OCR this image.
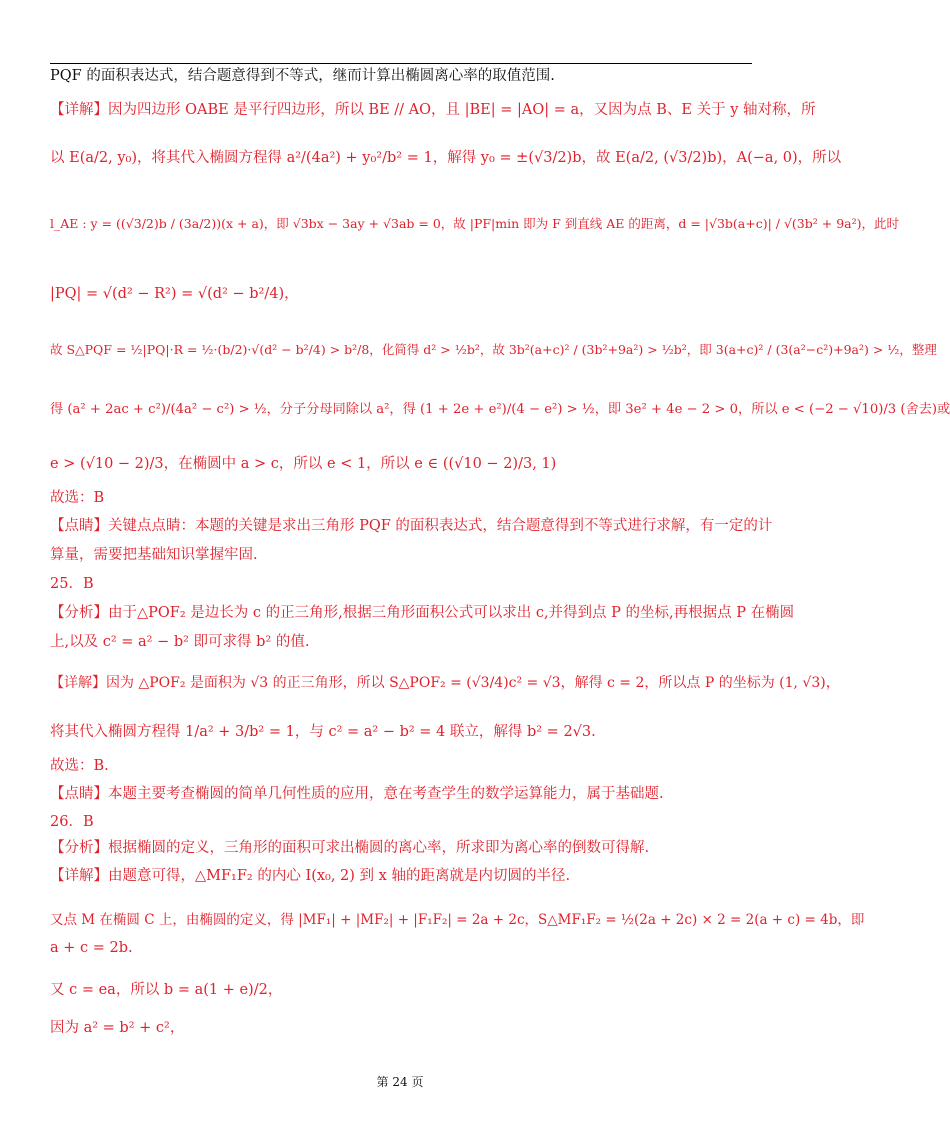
PQF 的面积表达式，结合题意得到不等式，继而计算出椭圆离心率的取值范围.
【详解】因为四边形 OABE 是平行四边形，所以 BE // AO，且 |BE| = |AO| = a，又因为点 B、E 关于 y 轴对称，所
以 E(a/2, y₀)，将其代入椭圆方程得 a²/(4a²) + y₀²/b² = 1，解得 y₀ = ±(√3/2)b，故 E(a/2, (√3/2)b)，A(−a, 0)，所以
l_AE : y = ((√3/2)b / (3a/2))(x + a)，即 √3bx − 3ay + √3ab = 0，故 |PF|min 即为 F 到直线 AE 的距离，d = |√3b(a+c)| / √(3b² + 9a²)，此时
|PQ| = √(d² − R²) = √(d² − b²/4)，
故 S△PQF = ½|PQ|·R = ½·(b/2)·√(d² − b²/4) > b²/8，化简得 d² > ½b²，故 3b²(a+c)² / (3b²+9a²) > ½b²，即 3(a+c)² / (3(a²−c²)+9a²) > ½，整理
得 (a² + 2ac + c²)/(4a² − c²) > ½，分子分母同除以 a²，得 (1 + 2e + e²)/(4 − e²) > ½，即 3e² + 4e − 2 > 0，所以 e < (−2 − √10)/3 (舍去)或
e > (√10 − 2)/3，在椭圆中 a > c，所以 e < 1，所以 e ∈ ((√10 − 2)/3, 1)
故选：B
【点睛】关键点点睛：本题的关键是求出三角形 PQF 的面积表达式，结合题意得到不等式进行求解，有一定的计
算量，需要把基础知识掌握牢固.
25．B
【分析】由于△POF₂ 是边长为 c 的正三角形,根据三角形面积公式可以求出 c,并得到点 P 的坐标,再根据点 P 在椭圆
上,以及 c² = a² − b² 即可求得 b² 的值.
【详解】因为 △POF₂ 是面积为 √3 的正三角形，所以 S△POF₂ = (√3/4)c² = √3，解得 c = 2，所以点 P 的坐标为 (1, √3)，
将其代入椭圆方程得 1/a² + 3/b² = 1，与 c² = a² − b² = 4 联立，解得 b² = 2√3.
故选：B.
【点睛】本题主要考查椭圆的简单几何性质的应用，意在考查学生的数学运算能力，属于基础题.
26．B
【分析】根据椭圆的定义，三角形的面积可求出椭圆的离心率，所求即为离心率的倒数可得解.
【详解】由题意可得，△MF₁F₂ 的内心 I(x₀, 2) 到 x 轴的距离就是内切圆的半径.
又点 M 在椭圆 C 上，由椭圆的定义，得 |MF₁| + |MF₂| + |F₁F₂| = 2a + 2c，S△MF₁F₂ = ½(2a + 2c) × 2 = 2(a + c) = 4b，即
a + c = 2b.
又 c = ea，所以 b = a(1 + e)/2，
因为 a² = b² + c²，
第 24 页
